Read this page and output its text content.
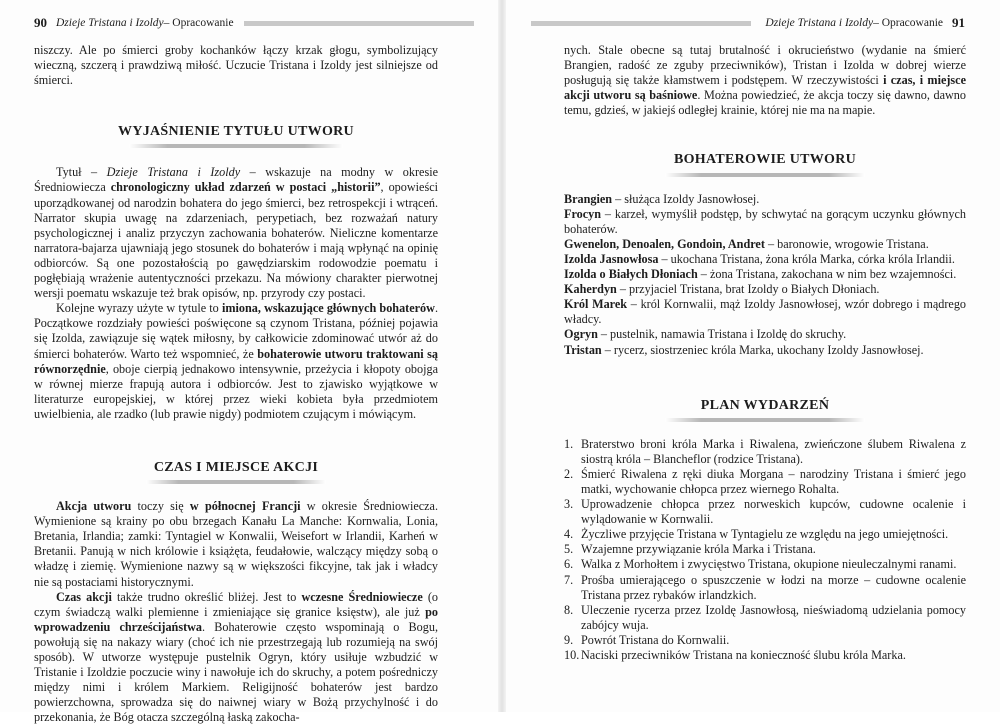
90 Dzieje Tristana i Izoldy – Opracowanie

niszczy. Ale po śmierci groby kochanków łączy krzak głogu, symbolizujący wieczną, szczerą i prawdziwą miłość. Uczucie Tristana i Izoldy jest silniejsze od śmierci.

WYJAŚNIENIE TYTUŁU UTWORU

Tytuł – Dzieje Tristana i Izoldy – wskazuje na modny w okresie Średniowiecza chronologiczny układ zdarzeń w postaci „historii”, opowieści uporządkowanej od narodzin bohatera do jego śmierci, bez retrospekcji i wtrąceń. Narrator skupia uwagę na zdarzeniach, perypetiach, bez rozważań natury psychologicznej i analiz przyczyn zachowania bohaterów. Nieliczne komentarze narratora-bajarza ujawniają jego stosunek do bohaterów i mają wpłynąć na opinię odbiorców. Są one pozostałością po gawędziarskim rodowodzie poematu i pogłębiają wrażenie autentyczności przekazu. Na mówiony charakter pierwotnej wersji poematu wskazuje też brak opisów, np. przyrody czy postaci.

Kolejne wyrazy użyte w tytule to imiona, wskazujące głównych bohaterów. Początkowe rozdziały powieści poświęcone są czynom Tristana, później pojawia się Izolda, zawiązuje się wątek miłosny, by całkowicie zdominować utwór aż do śmierci bohaterów. Warto też wspomnieć, że bohaterowie utworu traktowani są równorzędnie, oboje cierpią jednakowo intensywnie, przeżycia i kłopoty obojga w równej mierze frapują autora i odbiorców. Jest to zjawisko wyjątkowe w literaturze europejskiej, w której przez wieki kobieta była przedmiotem uwielbienia, ale rzadko (lub prawie nigdy) podmiotem czującym i mówiącym.

CZAS I MIEJSCE AKCJI

Akcja utworu toczy się w północnej Francji w okresie Średniowiecza. Wymienione są krainy po obu brzegach Kanału La Manche: Kornwalia, Lonia, Bretania, Irlandia; zamki: Tyntagiel w Konwalii, Weisefort w Irlandii, Karheń w Bretanii. Panują w nich królowie i książęta, feudałowie, walczący między sobą o władzę i ziemię. Wymienione nazwy są w większości fikcyjne, tak jak i władcy nie są postaciami historycznymi.

Czas akcji także trudno określić bliżej. Jest to wczesne Średniowiecze (o czym świadczą walki plemienne i zmieniające się granice księstw), ale już po wprowadzeniu chrześcijaństwa. Bohaterowie często wspominają o Bogu, powołują się na nakazy wiary (choć ich nie przestrzegają lub rozumieją na swój sposób). W utworze występuje pustelnik Ogryn, który usiłuje wzbudzić w Tristanie i Izoldzie poczucie winy i nawołuje ich do skruchy, a potem pośredniczy między nimi i królem Markiem. Religijność bohaterów jest bardzo powierzchowna, sprowadza się do naiwnej wiary w Bożą przychylność i do przekonania, że Bóg otacza szczególną łaską zakocha-

Dzieje Tristana i Izoldy – Opracowanie 91

nych. Stale obecne są tutaj brutalność i okrucieństwo (wydanie na śmierć Brangien, radość ze zguby przeciwników), Tristan i Izolda w dobrej wierze posługują się także kłamstwem i podstępem. W rzeczywistości i czas, i miejsce akcji utworu są baśniowe. Można powiedzieć, że akcja toczy się dawno, dawno temu, gdzieś, w jakiejś odległej krainie, której nie ma na mapie.

BOHATEROWIE UTWORU

Brangien – służąca Izoldy Jasnowłosej.

Frocyn – karzeł, wymyślił podstęp, by schwytać na gorącym uczynku głównych bohaterów.

Gwenelon, Denoalen, Gondoin, Andret – baronowie, wrogowie Tristana.

Izolda Jasnowłosa – ukochana Tristana, żona króla Marka, córka króla Irlandii.

Izolda o Białych Dłoniach – żona Tristana, zakochana w nim bez wzajemności.

Kaherdyn – przyjaciel Tristana, brat Izoldy o Białych Dłoniach.

Król Marek – król Kornwalii, mąż Izoldy Jasnowłosej, wzór dobrego i mądrego władcy.

Ogryn – pustelnik, namawia Tristana i Izoldę do skruchy.

Tristan – rycerz, siostrzeniec króla Marka, ukochany Izoldy Jasnowłosej.

PLAN WYDARZEŃ
1. Braterstwo broni króla Marka i Riwalena, zwieńczone ślubem Riwalena z siostrą króla – Blancheflor (rodzice Tristana).
2. Śmierć Riwalena z ręki diuka Morgana – narodziny Tristana i śmierć jego matki, wychowanie chłopca przez wiernego Rohalta.
3. Uprowadzenie chłopca przez norweskich kupców, cudowne ocalenie i wylądowanie w Kornwalii.
4. Życzliwe przyjęcie Tristana w Tyntagielu ze względu na jego umiejętności.
5. Wzajemne przywiązanie króla Marka i Tristana.
6. Walka z Morhołtem i zwycięstwo Tristana, okupione nieuleczalnymi ranami.
7. Prośba umierającego o spuszczenie w łodzi na morze – cudowne ocalenie Tristana przez rybaków irlandzkich.
8. Uleczenie rycerza przez Izoldę Jasnowłosą, nieświadomą udzielania pomocy zabójcy wuja.
9. Powrót Tristana do Kornwalii.
10. Naciski przeciwników Tristana na konieczność ślubu króla Marka.
